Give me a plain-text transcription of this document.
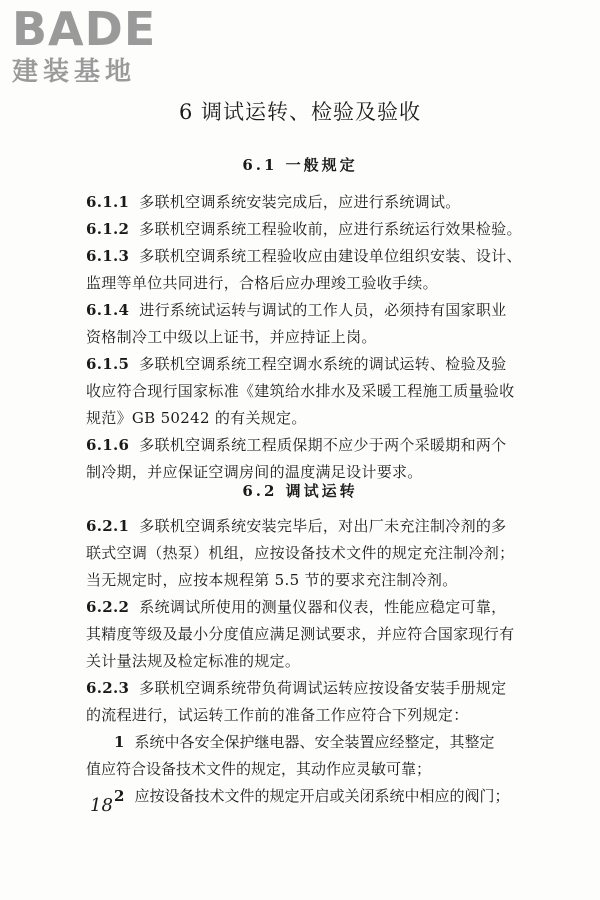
BADE
建装基地
6 调试运转、检验及验收
6.1 一般规定
6.1.1 多联机空调系统安装完成后，应进行系统调试。
6.1.2 多联机空调系统工程验收前，应进行系统运行效果检验。
6.1.3 多联机空调系统工程验收应由建设单位组织安装、设计、
监理等单位共同进行，合格后应办理竣工验收手续。
6.1.4 进行系统试运转与调试的工作人员，必须持有国家职业
资格制冷工中级以上证书，并应持证上岗。
6.1.5 多联机空调系统工程空调水系统的调试运转、检验及验
收应符合现行国家标准《建筑给水排水及采暖工程施工质量验收
规范》GB 50242 的有关规定。
6.1.6 多联机空调系统工程质保期不应少于两个采暖期和两个
制冷期，并应保证空调房间的温度满足设计要求。
6.2 调试运转
6.2.1 多联机空调系统安装完毕后，对出厂未充注制冷剂的多
联式空调（热泵）机组，应按设备技术文件的规定充注制冷剂；
当无规定时，应按本规程第 5.5 节的要求充注制冷剂。
6.2.2 系统调试所使用的测量仪器和仪表，性能应稳定可靠，
其精度等级及最小分度值应满足测试要求，并应符合国家现行有
关计量法规及检定标准的规定。
6.2.3 多联机空调系统带负荷调试运转应按设备安装手册规定
的流程进行，试运转工作前的准备工作应符合下列规定：
1 系统中各安全保护继电器、安全装置应经整定，其整定
值应符合设备技术文件的规定，其动作应灵敏可靠；
2 应按设备技术文件的规定开启或关闭系统中相应的阀门；
18
